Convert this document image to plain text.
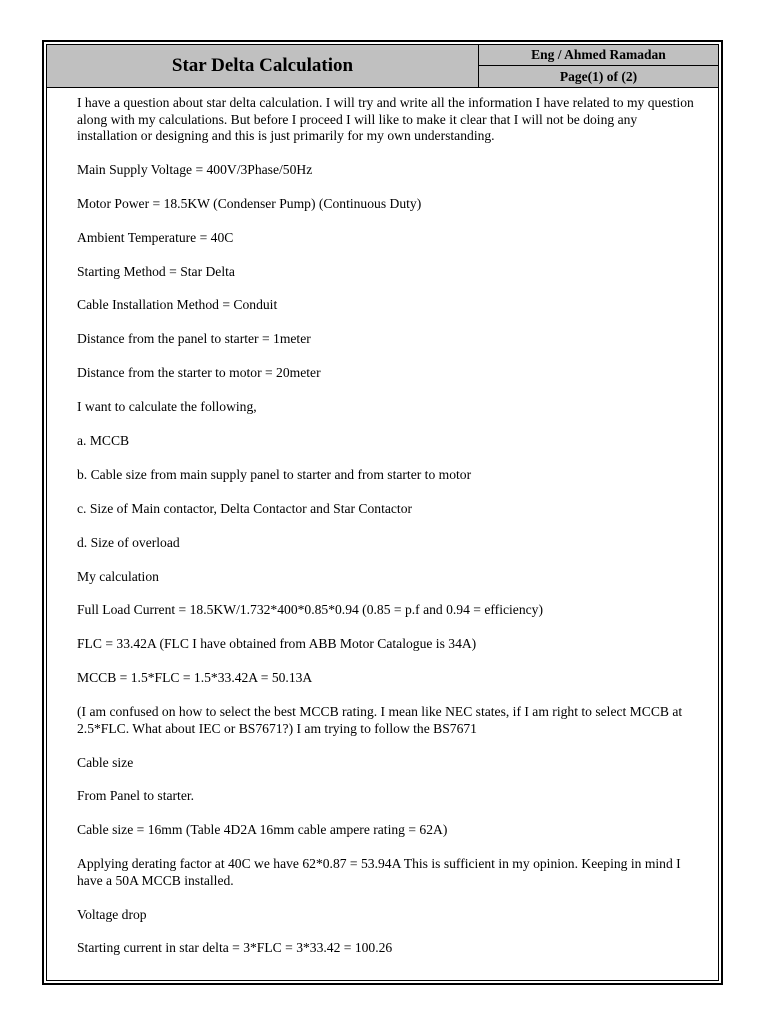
Star Delta Calculation
Eng / Ahmed Ramadan
Page(1) of (2)

I have a question about star delta calculation. I will try and write all the information I have related to my question along with my calculations. But before I proceed I will like to make it clear that I will not be doing any installation or designing and this is just primarily for my own understanding.

Main Supply Voltage = 400V/3Phase/50Hz

Motor Power = 18.5KW (Condenser Pump) (Continuous Duty)

Ambient Temperature = 40C

Starting Method = Star Delta

Cable Installation Method = Conduit

Distance from the panel to starter = 1meter

Distance from the starter to motor = 20meter

I want to calculate the following,

a. MCCB

b. Cable size from main supply panel to starter and from starter to motor

c. Size of Main contactor, Delta Contactor and Star Contactor

d. Size of overload

My calculation

Full Load Current = 18.5KW/1.732*400*0.85*0.94 (0.85 = p.f and 0.94 = efficiency)

FLC = 33.42A (FLC I have obtained from ABB Motor Catalogue is 34A)

MCCB = 1.5*FLC = 1.5*33.42A = 50.13A

(I am confused on how to select the best MCCB rating. I mean like NEC states, if I am right to select MCCB at 2.5*FLC. What about IEC or BS7671?) I am trying to follow the BS7671

Cable size

From Panel to starter.

Cable size = 16mm (Table 4D2A 16mm cable ampere rating = 62A)

Applying derating factor at 40C we have 62*0.87 = 53.94A This is sufficient in my opinion. Keeping in mind I have a 50A MCCB installed.

Voltage drop

Starting current in star delta = 3*FLC = 3*33.42 = 100.26
